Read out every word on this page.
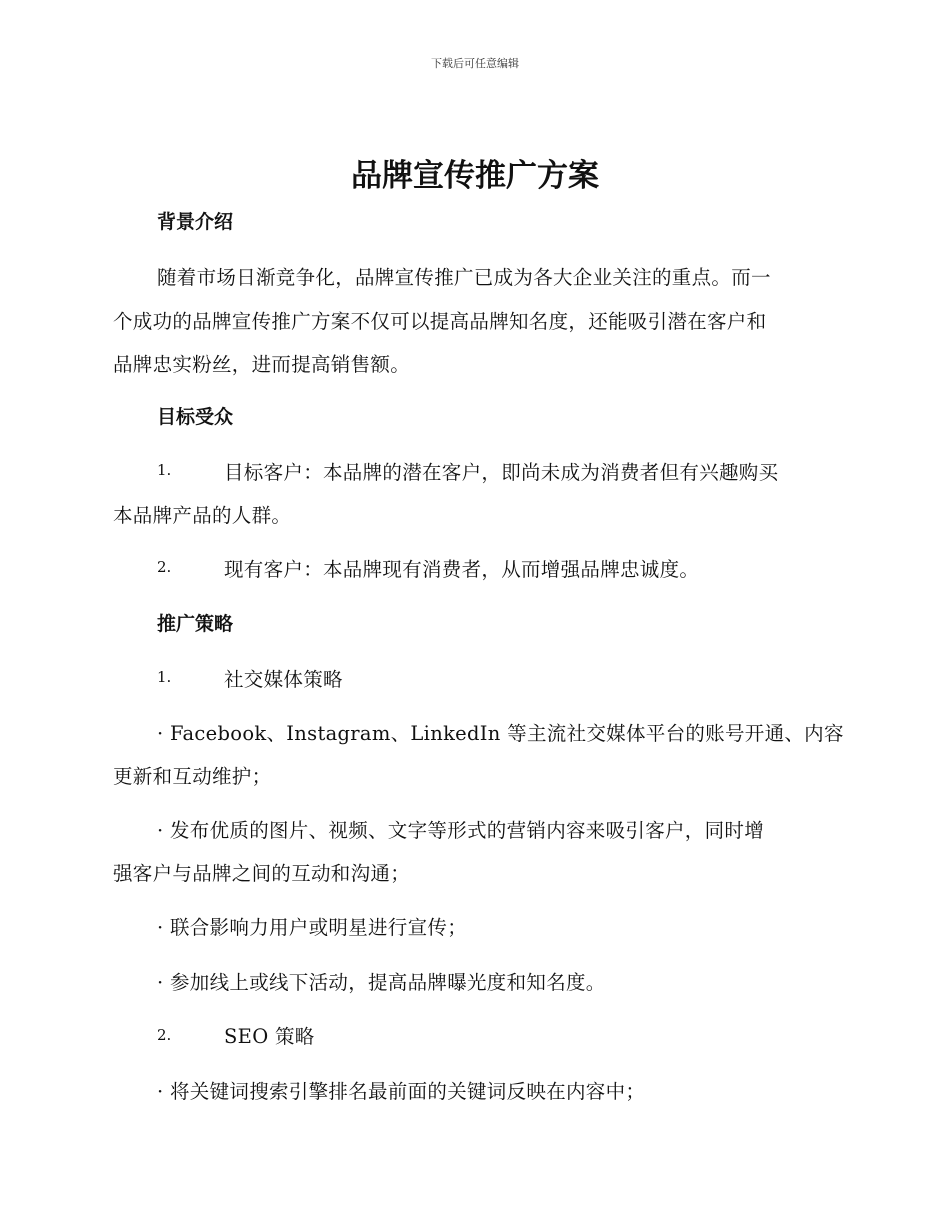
下载后可任意编辑
品牌宣传推广方案
背景介绍
随着市场日渐竞争化，品牌宣传推广已成为各大企业关注的重点。而一
个成功的品牌宣传推广方案不仅可以提高品牌知名度，还能吸引潜在客户和
品牌忠实粉丝，进而提高销售额。
目标受众
1.	目标客户：本品牌的潜在客户，即尚未成为消费者但有兴趣购买
本品牌产品的人群。
2.	现有客户：本品牌现有消费者，从而增强品牌忠诚度。
推广策略
1.	社交媒体策略
· Facebook、Instagram、LinkedIn 等主流社交媒体平台的账号开通、内容
更新和互动维护；
· 发布优质的图片、视频、文字等形式的营销内容来吸引客户，同时增
强客户与品牌之间的互动和沟通；
· 联合影响力用户或明星进行宣传；
· 参加线上或线下活动，提高品牌曝光度和知名度。
2.	SEO 策略
· 将关键词搜索引擎排名最前面的关键词反映在内容中；
